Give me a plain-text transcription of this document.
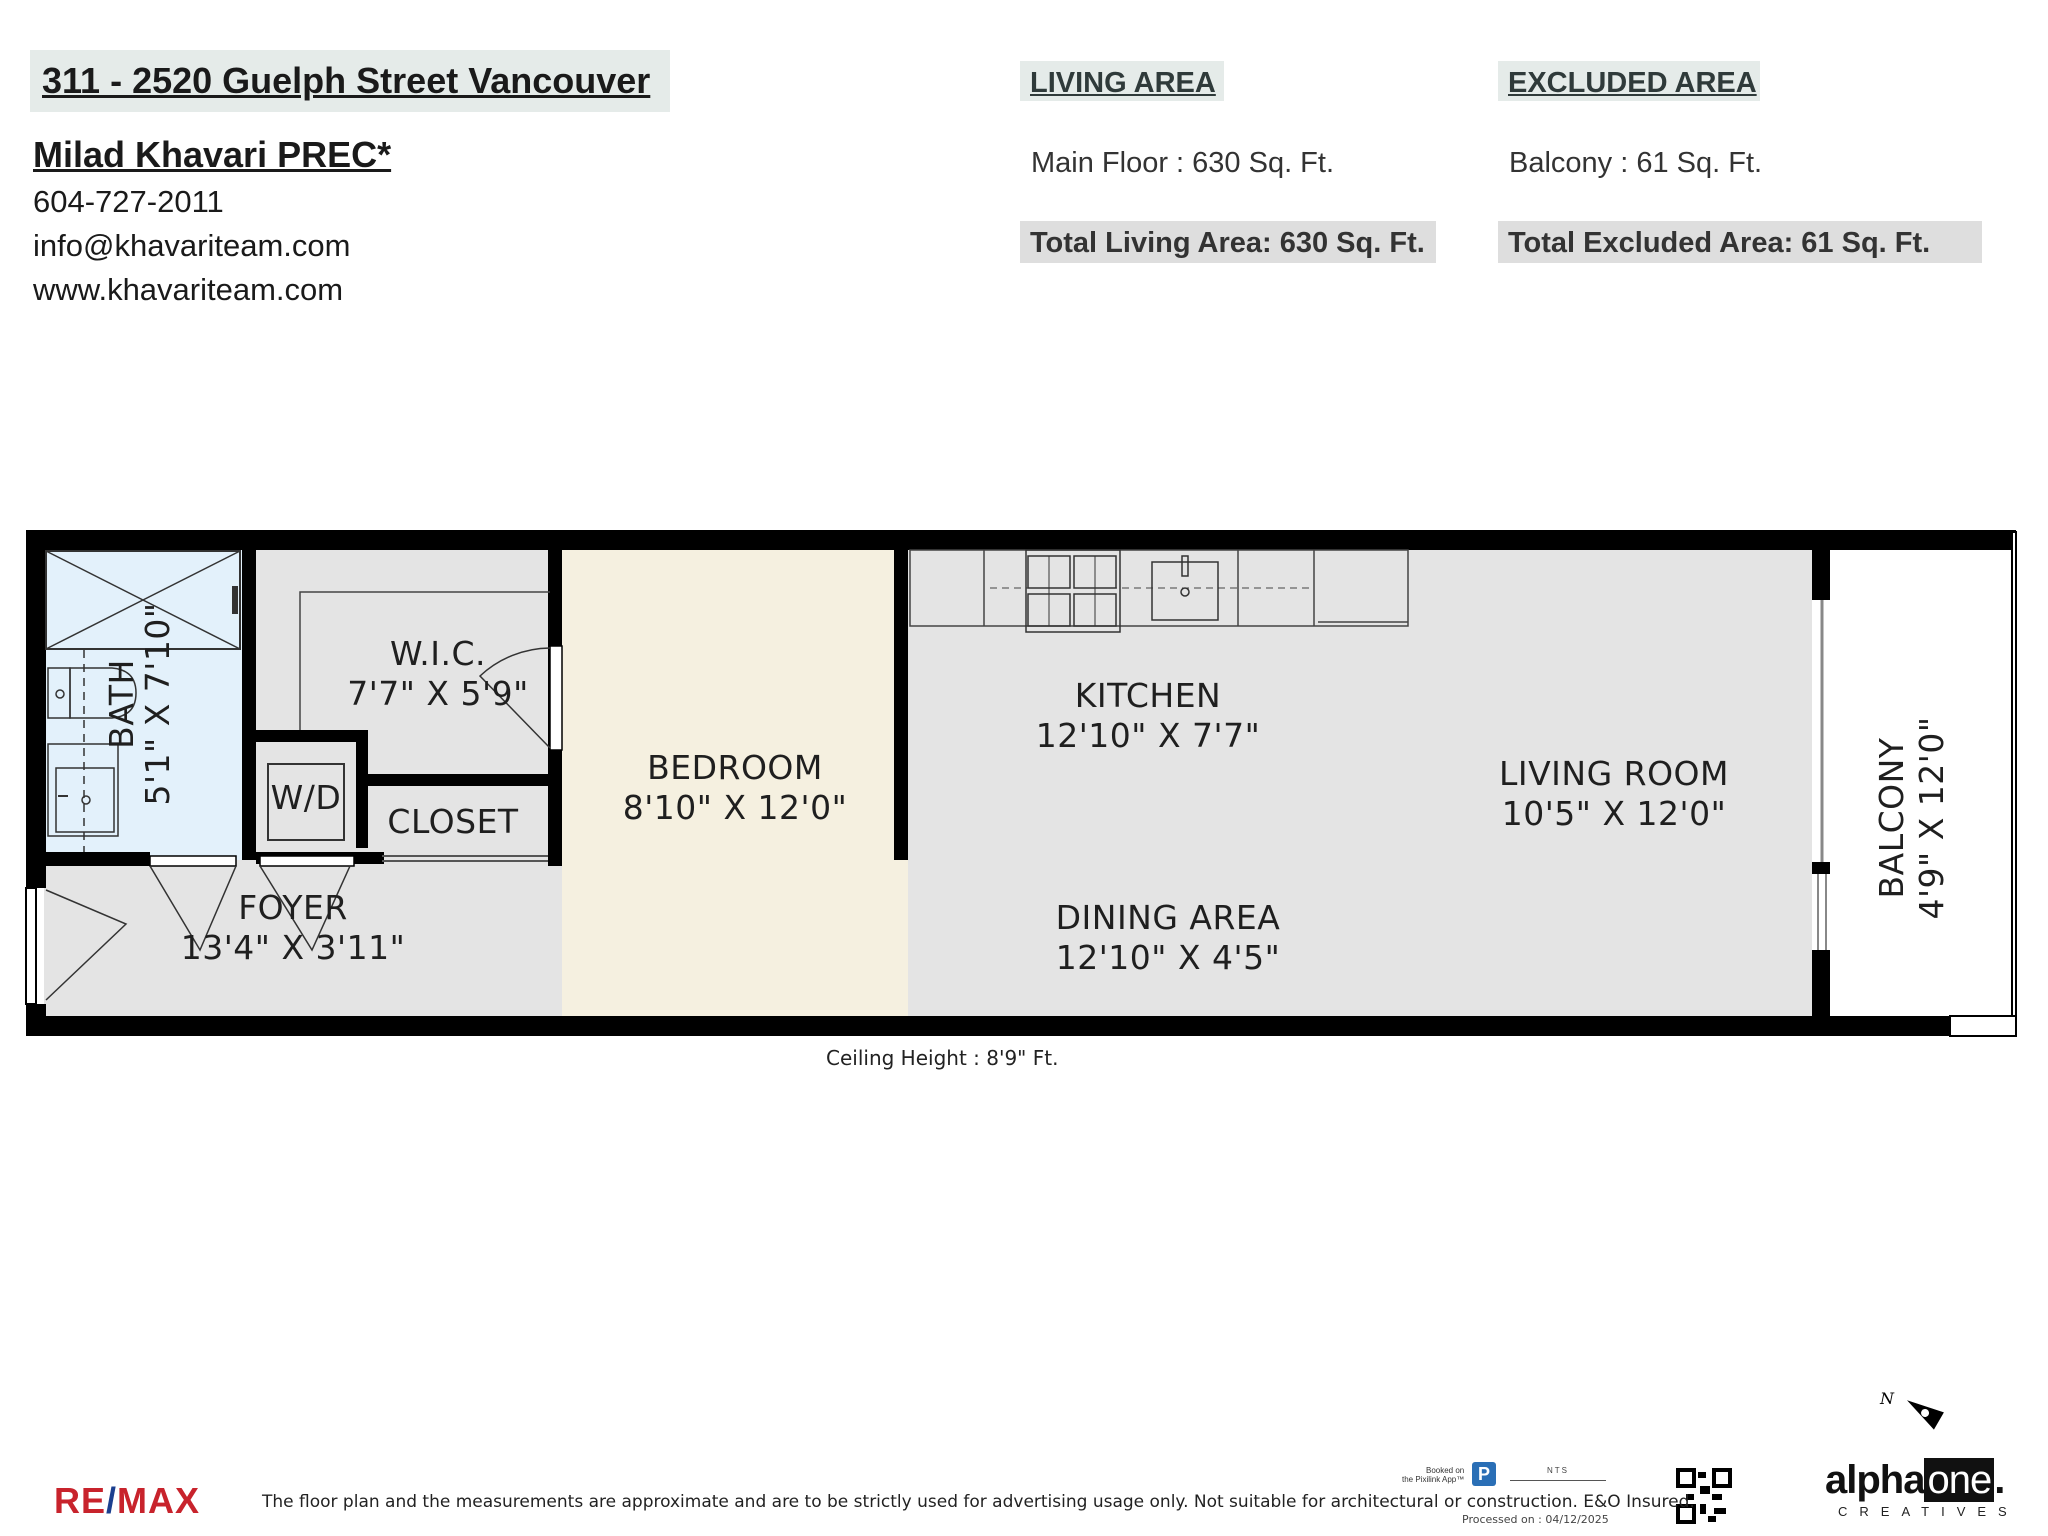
311 - 2520 Guelph Street Vancouver
Milad Khavari PREC*
604-727-2011
info@khavariteam.com
www.khavariteam.com
LIVING AREA
Main Floor : 630 Sq. Ft.
Total Living Area: 630 Sq. Ft.
EXCLUDED AREA
Balcony : 61 Sq. Ft.
Total Excluded Area: 61 Sq. Ft.
N
BATH
5'1" X 7'10"	W.I.C.
7'7" X 5'9"
W/D
CLOSET
FOYER
13'4" X 3'11"
BEDROOM
8'10" X 12'0"
KITCHEN
12'10" X 7'7"
LIVING ROOM
10'5" X 12'0"
DINING AREA
12'10" X 4'5"
BALCONY 4'9" X 12'0"
Ceiling Height : 8'9" Ft.
RE/MAX	The floor plan and the measurements are approximate and are to be strictly used for advertising usage only. Not suitable for architectural or construction. E&O Insured.
Booked on
the Pixilink App™ P	NTS
Processed on : 04/12/2025
alphaone.
CREATIVES
